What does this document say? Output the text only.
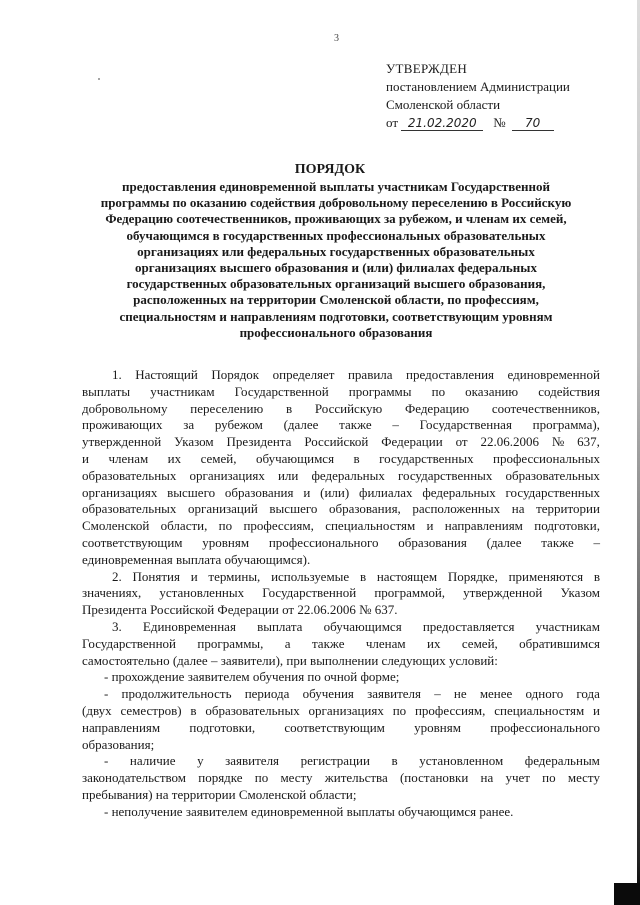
3
УТВЕРЖДЕН
постановлением Администрации
Смоленской области
от
21.02.2020	№	70
ПОРЯДОК
предоставления единовременной выплаты участникам Государственной
программы по оказанию содействия добровольному переселению в Российскую
Федерацию соотечественников, проживающих за рубежом, и членам их семей,
обучающимся в государственных профессиональных образовательных
организациях или федеральных государственных образовательных
организациях высшего образования и (или) филиалах федеральных
государственных образовательных организаций высшего образования,
расположенных на территории Смоленской области, по профессиям,
специальностям и направлениям подготовки, соответствующим уровням
профессионального образования
1. Настоящий Порядок определяет правила предоставления единовременной
выплаты участникам Государственной программы по оказанию содействия
добровольному переселению в Российскую Федерацию соотечественников,
проживающих за рубежом (далее также – Государственная программа),
утвержденной Указом Президента Российской Федерации от 22.06.2006 № 637,
и членам их семей, обучающимся в государственных профессиональных
образовательных организациях или федеральных государственных образовательных
организациях высшего образования и (или) филиалах федеральных государственных
образовательных организаций высшего образования, расположенных на территории
Смоленской области, по профессиям, специальностям и направлениям подготовки,
соответствующим уровням профессионального образования (далее также –
единовременная выплата обучающимся).
2. Понятия и термины, используемые в настоящем Порядке, применяются в
значениях, установленных Государственной программой, утвержденной Указом
Президента Российской Федерации от 22.06.2006 № 637.
3. Единовременная выплата обучающимся предоставляется участникам
Государственной программы, а также членам их семей, обратившимся
самостоятельно (далее – заявители), при выполнении следующих условий:
- прохождение заявителем обучения по очной форме;
- продолжительность периода обучения заявителя – не менее одного года
(двух семестров) в образовательных организациях по профессиям, специальностям и
направлениям подготовки, соответствующим уровням профессионального
образования;
- наличие у заявителя регистрации в установленном федеральным
законодательством порядке по месту жительства (постановки на учет по месту
пребывания) на территории Смоленской области;
- неполучение заявителем единовременной выплаты обучающимся ранее.
